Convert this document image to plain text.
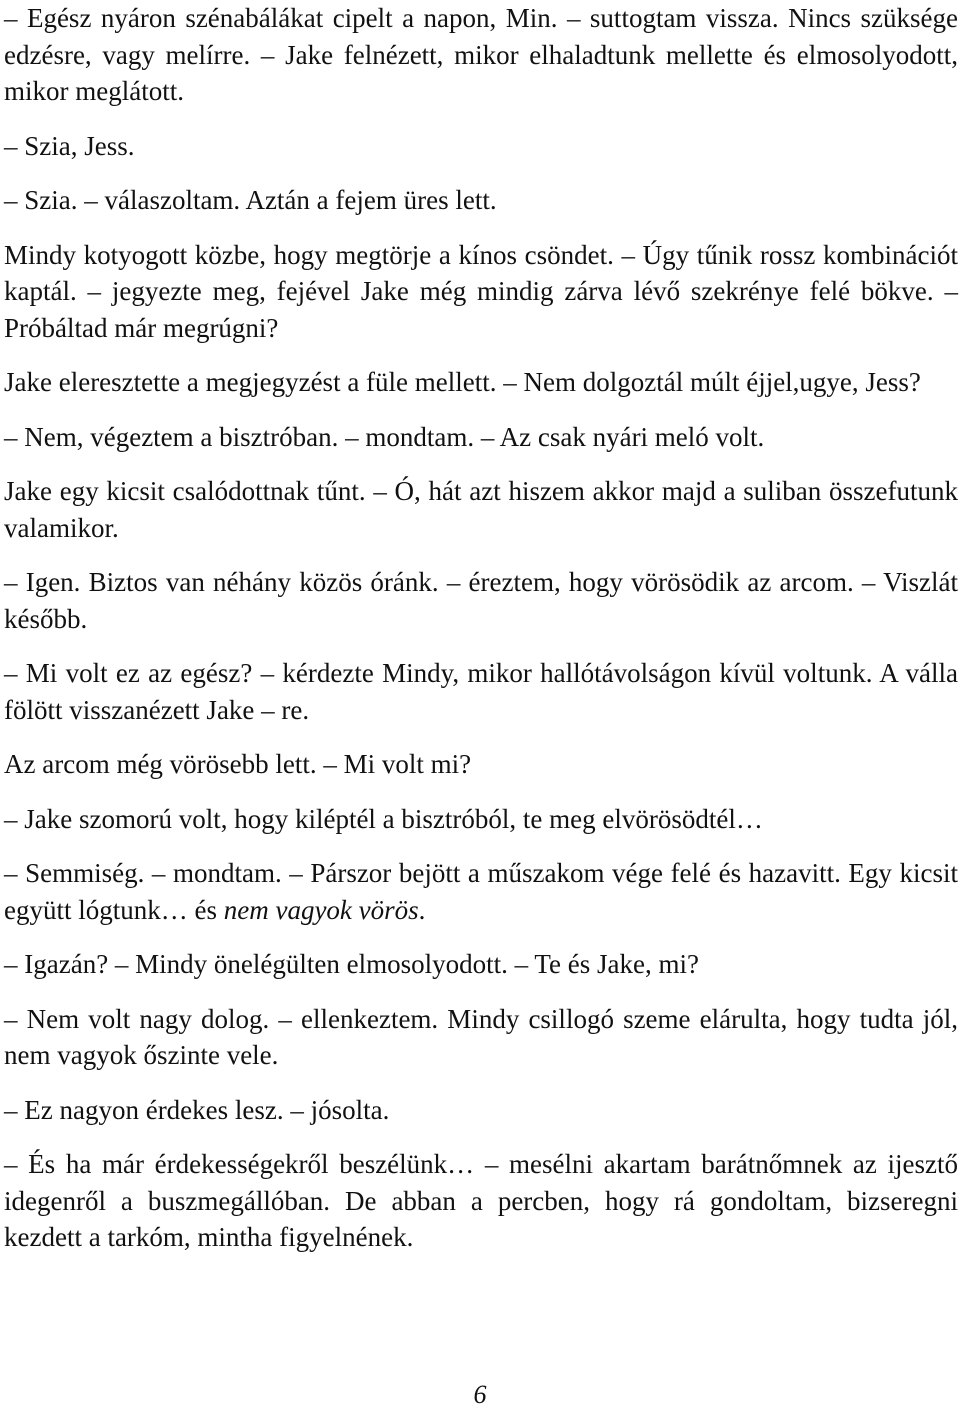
– Egész nyáron szénabálákat cipelt a napon, Min. – suttogtam vissza. Nincs szüksége edzésre, vagy melírre. – Jake felnézett, mikor elhaladtunk mellette és elmosolyodott, mikor meglátott.

– Szia, Jess.

– Szia. – válaszoltam. Aztán a fejem üres lett.

Mindy kotyogott közbe, hogy megtörje a kínos csöndet. – Úgy tűnik rossz kombinációt kaptál. – jegyezte meg, fejével Jake még mindig zárva lévő szekrénye felé bökve. – Próbáltad már megrúgni?

Jake eleresztette a megjegyzést a füle mellett. – Nem dolgoztál múlt éjjel,ugye, Jess?

– Nem, végeztem a bisztróban. – mondtam. – Az csak nyári meló volt.

Jake egy kicsit csalódottnak tűnt. – Ó, hát azt hiszem akkor majd a suliban összefutunk valamikor.

– Igen. Biztos van néhány közös óránk. – éreztem, hogy vörösödik az arcom. – Viszlát később.

– Mi volt ez az egész? – kérdezte Mindy, mikor hallótávolságon kívül voltunk. A válla fölött visszanézett Jake – re.

Az arcom még vörösebb lett. – Mi volt mi?

– Jake szomorú volt, hogy kiléptél a bisztróból, te meg elvörösödtél…

– Semmiség. – mondtam. – Párszor bejött a műszakom vége felé és hazavitt. Egy kicsit együtt lógtunk… és nem vagyok vörös.

– Igazán? – Mindy önelégülten elmosolyodott. – Te és Jake, mi?

– Nem volt nagy dolog. – ellenkeztem. Mindy csillogó szeme elárulta, hogy tudta jól, nem vagyok őszinte vele.

– Ez nagyon érdekes lesz. – jósolta.

– És ha már érdekességekről beszélünk… – mesélni akartam barátnőmnek az ijesztő idegenről a buszmegállóban. De abban a percben, hogy rá gondoltam, bizseregni kezdett a tarkóm, mintha figyelnének.

6
